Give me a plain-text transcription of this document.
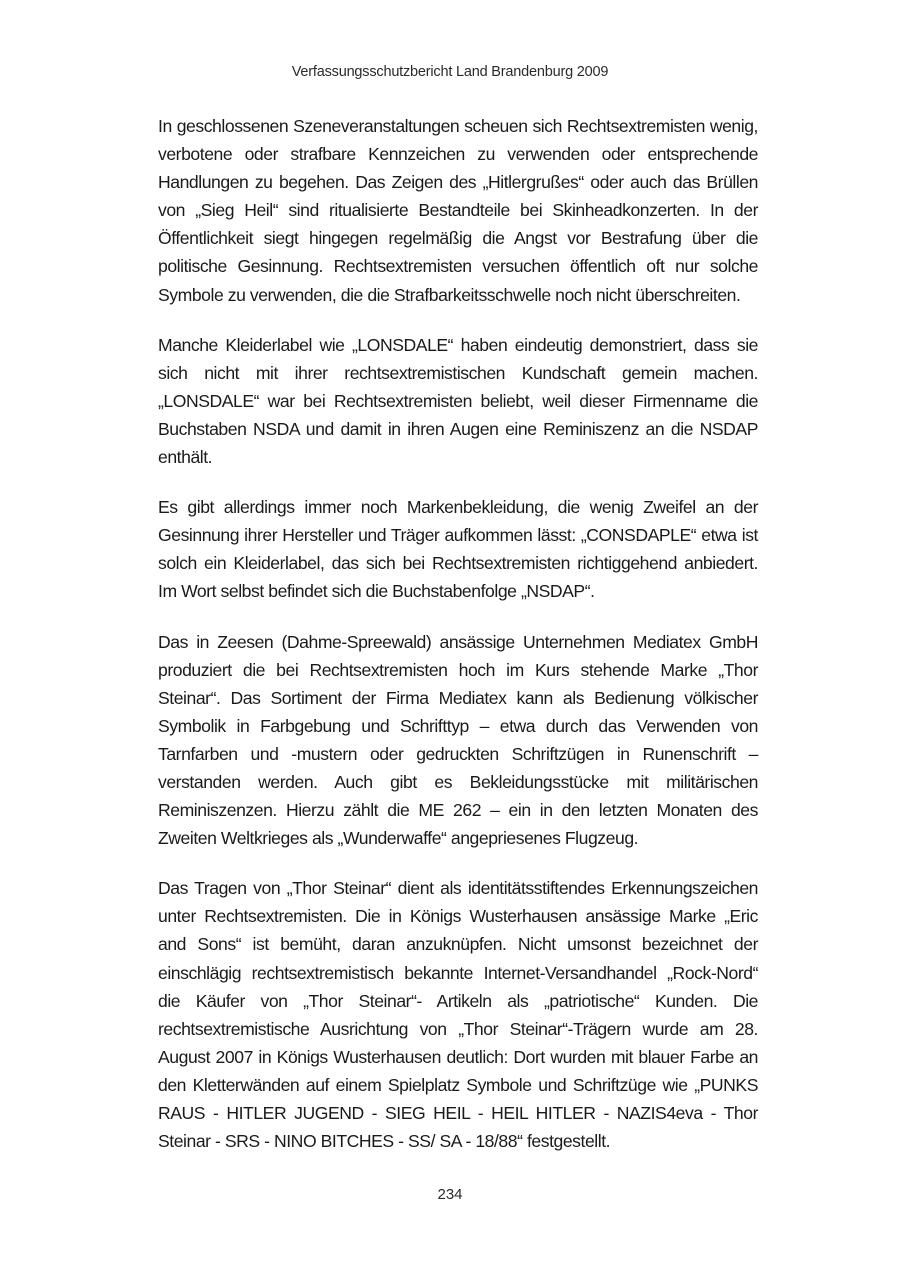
Verfassungsschutzbericht Land Brandenburg 2009

In geschlossenen Szeneveranstaltungen scheuen sich Rechtsextremisten wenig, verbotene oder strafbare Kennzeichen zu verwenden oder entsprechende Handlungen zu begehen. Das Zeigen des „Hitlergrußes“ oder auch das Brüllen von „Sieg Heil“ sind ritualisierte Bestandteile bei Skinheadkonzerten. In der Öffentlichkeit siegt hingegen regelmäßig die Angst vor Bestrafung über die politische Gesinnung. Rechtsextremisten versuchen öffentlich oft nur solche Symbole zu verwenden, die die Strafbarkeitsschwelle noch nicht überschreiten.

Manche Kleiderlabel wie „LONSDALE“ haben eindeutig demonstriert, dass sie sich nicht mit ihrer rechtsextremistischen Kundschaft gemein machen. „LONSDALE“ war bei Rechtsextremisten beliebt, weil dieser Firmenname die Buchstaben NSDA und damit in ihren Augen eine Reminiszenz an die NSDAP enthält.

Es gibt allerdings immer noch Markenbekleidung, die wenig Zweifel an der Gesinnung ihrer Hersteller und Träger aufkommen lässt: „CONSDAPLE“ etwa ist solch ein Kleiderlabel, das sich bei Rechtsextremisten richtiggehend anbiedert. Im Wort selbst befindet sich die Buchstabenfolge „NSDAP“.

Das in Zeesen (Dahme-Spreewald) ansässige Unternehmen Mediatex GmbH produziert die bei Rechtsextremisten hoch im Kurs stehende Marke „Thor Steinar“. Das Sortiment der Firma Mediatex kann als Bedienung völkischer Symbolik in Farbgebung und Schrifttyp – etwa durch das Verwenden von Tarnfarben und -mustern oder gedruckten Schriftzügen in Runenschrift – verstanden werden. Auch gibt es Bekleidungsstücke mit militärischen Reminiszenzen. Hierzu zählt die ME 262 – ein in den letzten Monaten des Zweiten Weltkrieges als „Wunderwaffe“ angepriesenes Flugzeug.

Das Tragen von „Thor Steinar“ dient als identitätsstiftendes Erkennungszeichen unter Rechtsextremisten. Die in Königs Wusterhausen ansässige Marke „Eric and Sons“ ist bemüht, daran anzuknüpfen. Nicht umsonst bezeichnet der einschlägig rechtsextremistisch bekannte Internet-Versandhandel „Rock-Nord“ die Käufer von „Thor Steinar“- Artikeln als „patriotische“ Kunden. Die rechtsextremistische Ausrichtung von „Thor Steinar“-Trägern wurde am 28. August 2007 in Königs Wusterhausen deutlich: Dort wurden mit blauer Farbe an den Kletterwänden auf einem Spielplatz Symbole und Schriftzüge wie „PUNKS RAUS - HITLER JUGEND - SIEG HEIL - HEIL HITLER - NAZIS4eva - Thor Steinar - SRS - NINO BITCHES - SS/ SA - 18/88“ festgestellt.

234
